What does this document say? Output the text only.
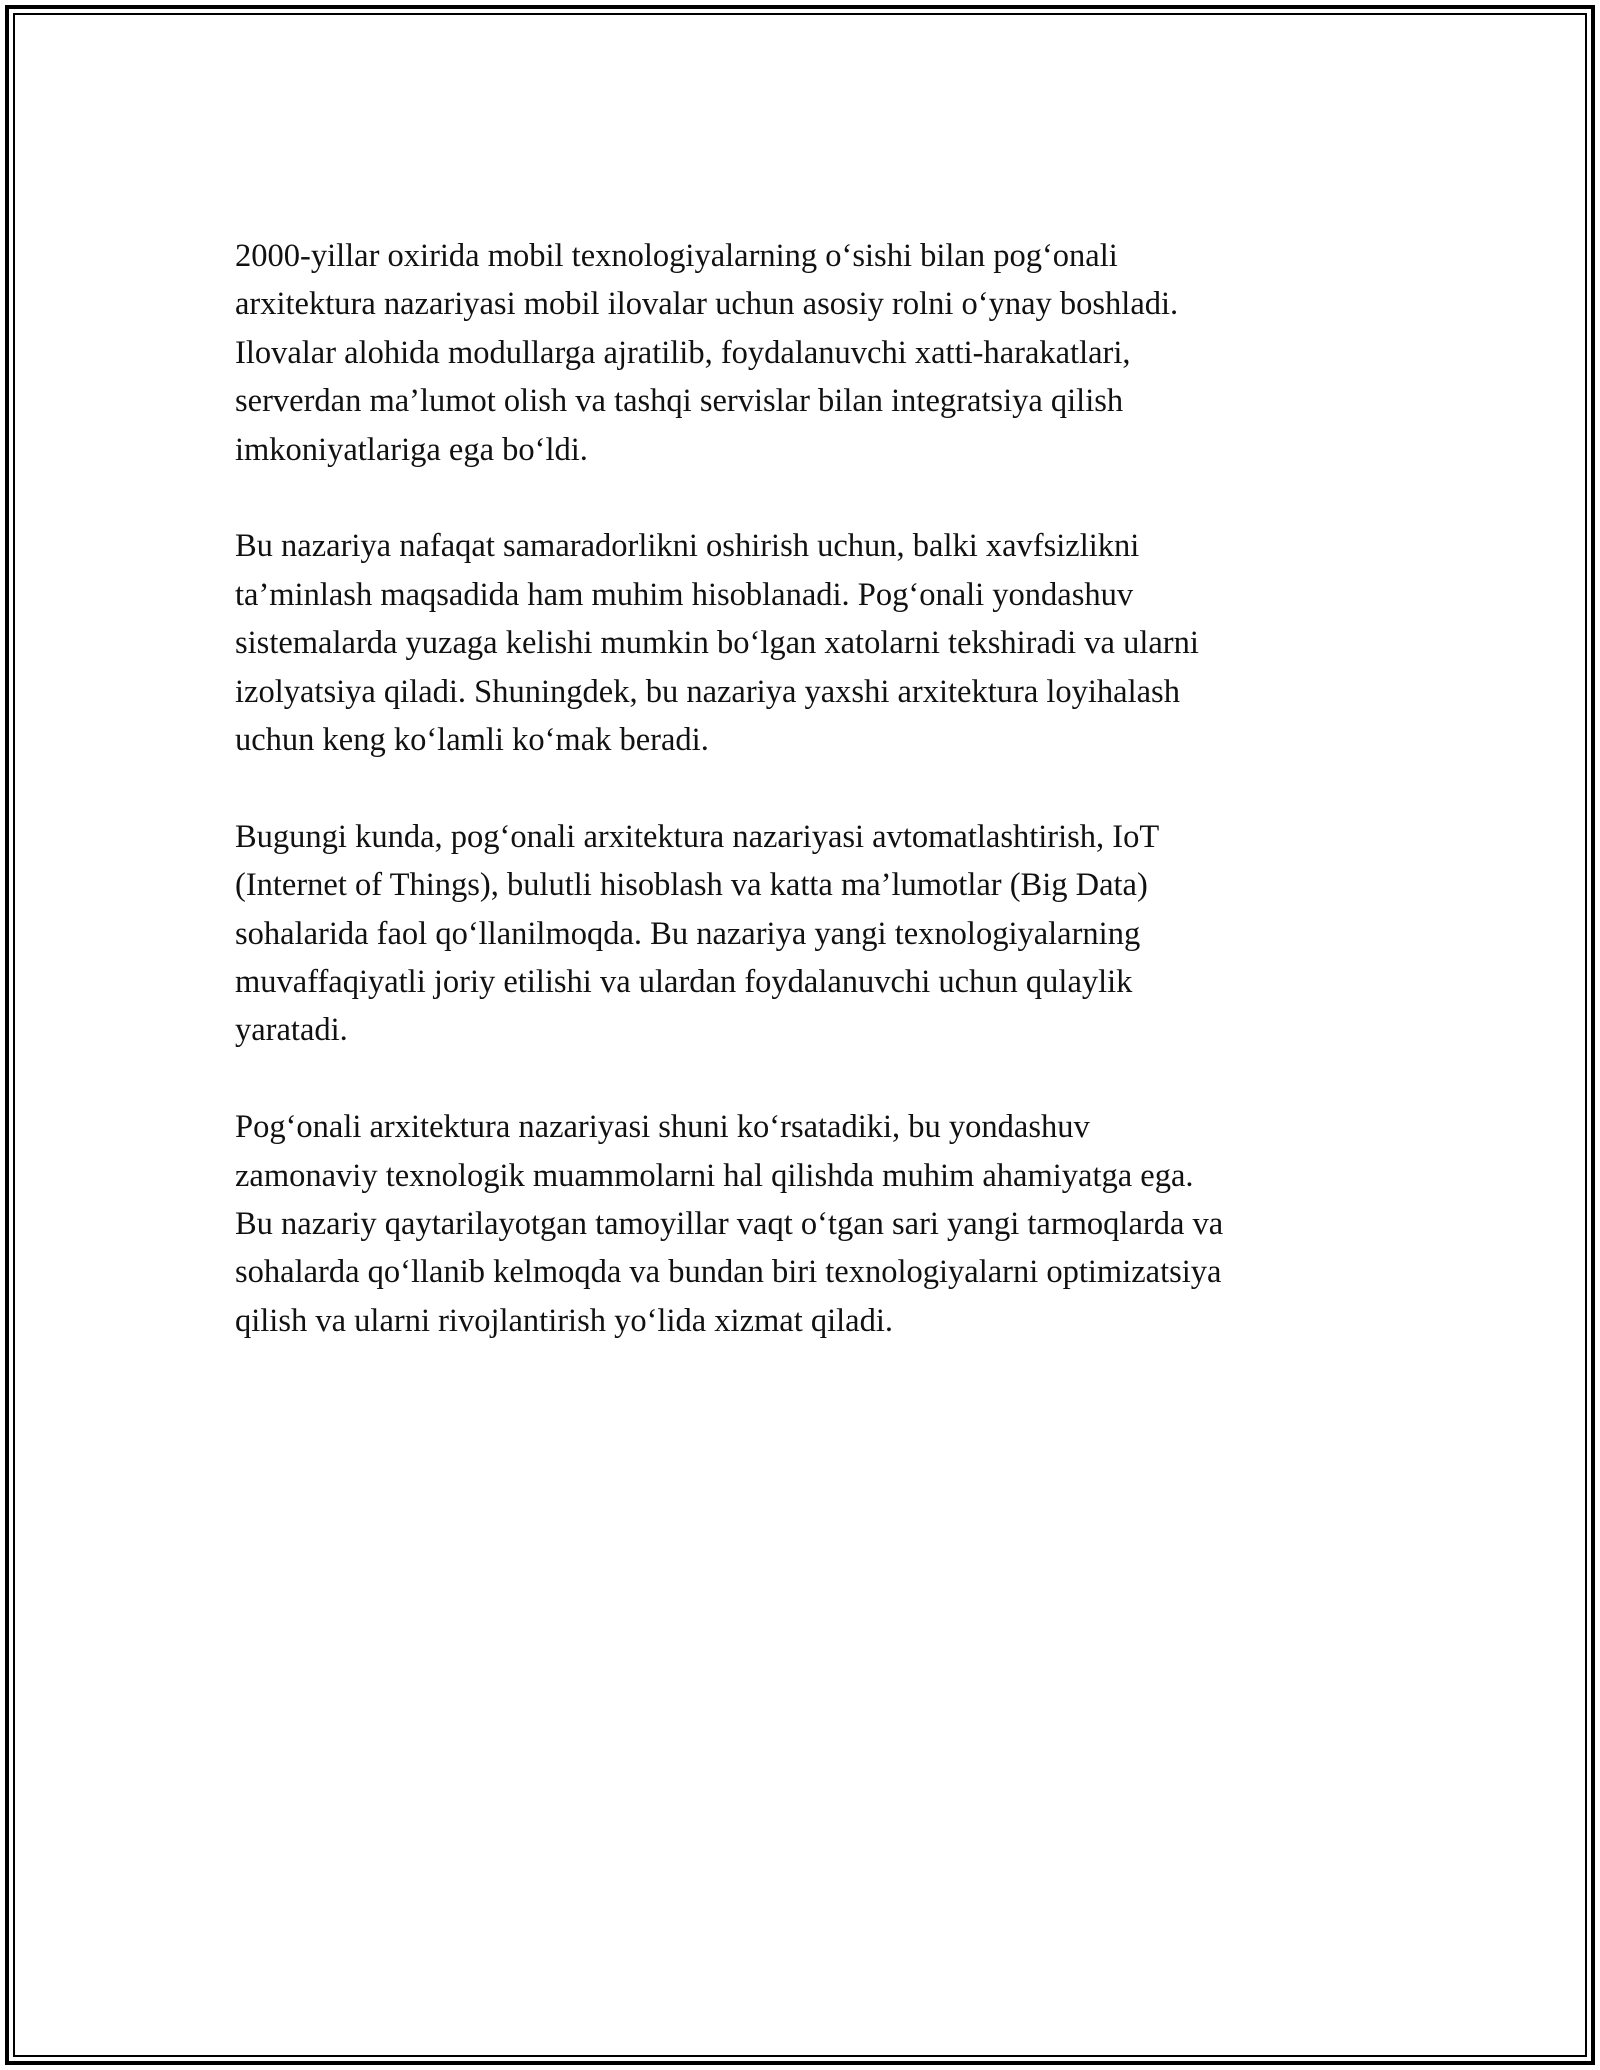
2000-yillar oxirida mobil texnologiyalarning o‘sishi bilan pog‘onali
arxitektura nazariyasi mobil ilovalar uchun asosiy rolni o‘ynay boshladi.
Ilovalar alohida modullarga ajratilib, foydalanuvchi xatti-harakatlari,
serverdan ma’lumot olish va tashqi servislar bilan integratsiya qilish
imkoniyatlariga ega bo‘ldi.

Bu nazariya nafaqat samaradorlikni oshirish uchun, balki xavfsizlikni
ta’minlash maqsadida ham muhim hisoblanadi. Pog‘onali yondashuv
sistemalarda yuzaga kelishi mumkin bo‘lgan xatolarni tekshiradi va ularni
izolyatsiya qiladi. Shuningdek, bu nazariya yaxshi arxitektura loyihalash
uchun keng ko‘lamli ko‘mak beradi.

Bugungi kunda, pog‘onali arxitektura nazariyasi avtomatlashtirish, IoT
(Internet of Things), bulutli hisoblash va katta ma’lumotlar (Big Data)
sohalarida faol qo‘llanilmoqda. Bu nazariya yangi texnologiyalarning
muvaffaqiyatli joriy etilishi va ulardan foydalanuvchi uchun qulaylik
yaratadi.

Pog‘onali arxitektura nazariyasi shuni ko‘rsatadiki, bu yondashuv
zamonaviy texnologik muammolarni hal qilishda muhim ahamiyatga ega.
Bu nazariy qaytarilayotgan tamoyillar vaqt o‘tgan sari yangi tarmoqlarda va
sohalarda qo‘llanib kelmoqda va bundan biri texnologiyalarni optimizatsiya
qilish va ularni rivojlantirish yo‘lida xizmat qiladi.
